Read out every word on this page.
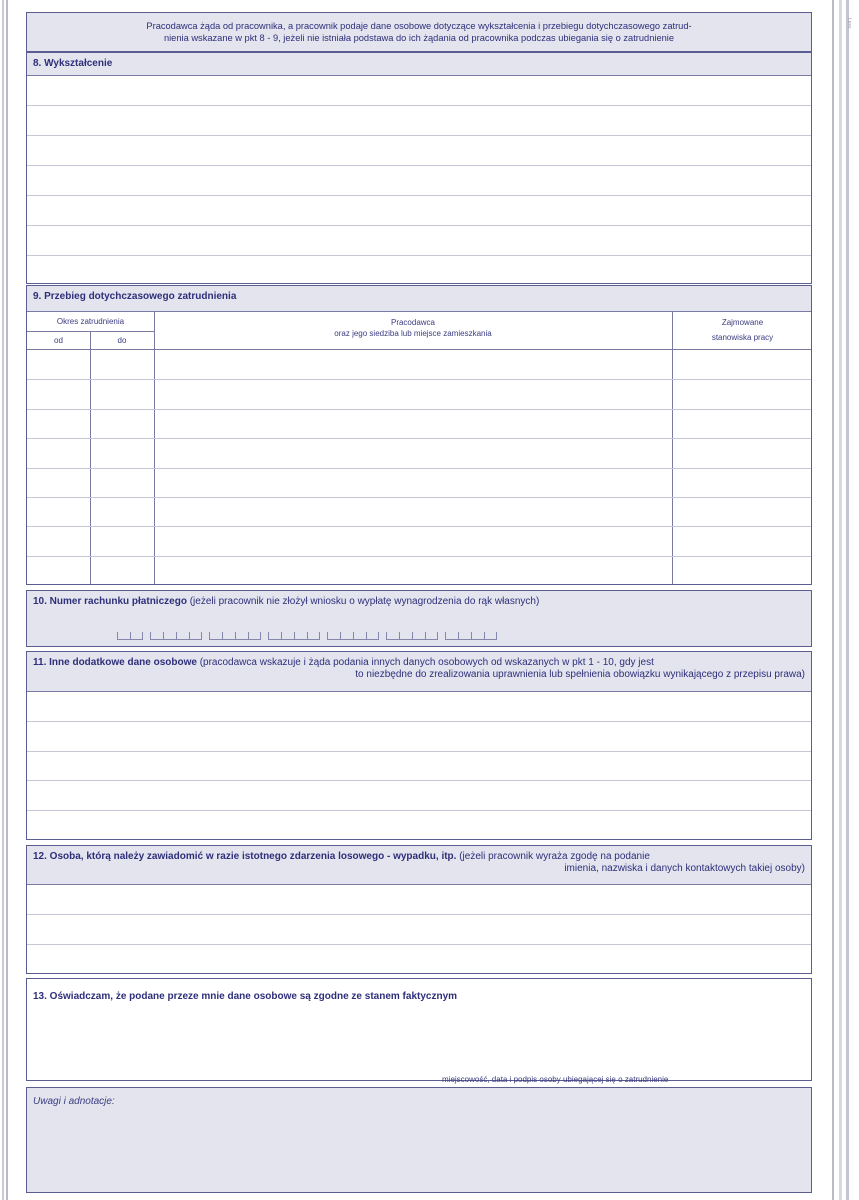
Lexx
Pracodawca żąda od pracownika, a pracownik podaje dane osobowe dotyczące wykształcenia i przebiegu dotychczasowego zatrud-
nienia wskazane w pkt 8 - 9, jeżeli nie istniała podstawa do ich żądania od pracownika podczas ubiegania się o zatrudnienie
8. Wykształcenie
9. Przebieg dotychczasowego zatrudnienia
Okres zatrudnienia
od	do
Pracodawca
oraz jego siedziba lub miejsce zamieszkania
Zajmowane
stanowiska pracy
10. Numer rachunku płatniczego (jeżeli pracownik nie złożył wniosku o wypłatę wynagrodzenia do rąk własnych)
11. Inne dodatkowe dane osobowe (pracodawca wskazuje i żąda podania innych danych osobowych od wskazanych w pkt 1 - 10, gdy jest
to niezbędne do zrealizowania uprawnienia lub spełnienia obowiązku wynikającego z przepisu prawa)
12. Osoba, którą należy zawiadomić w razie istotnego zdarzenia losowego - wypadku, itp. (jeżeli pracownik wyraża zgodę na podanie
imienia, nazwiska i danych kontaktowych takiej osoby)
13. Oświadczam, że podane przeze mnie dane osobowe są zgodne ze stanem faktycznym
miejscowość, data i podpis osoby ubiegającej się o zatrudnienie
Uwagi i adnotacje:
